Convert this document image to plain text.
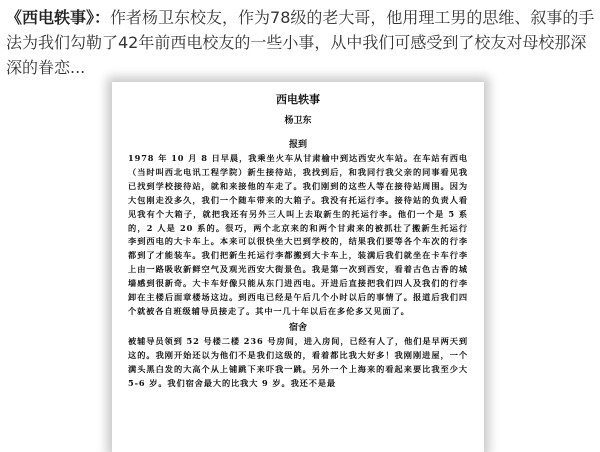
《西电轶事》：作者杨卫东校友，作为78级的老大哥，他用理工男的思维、叙事的手法为我们勾勒了42年前西电校友的一些小事，从中我们可感受到了校友对母校那深深的眷恋...
西电轶事
杨卫东
报到
1978 年 10 月 8 日早晨，我乘坐火车从甘肃榆中到达西安火车站。在车站有西电（当时叫西北电讯工程学院）新生接待站，我找到后，和我同行我父亲的同事看见我已找到学校接待站，就和来接他的车走了。我们刚到的这些人等在接待站周围。因为大包刚走没多久，我们一个随车带来的大箱子。我没有托运行李。接待站的负责人看见我有个大箱子，就把我还有另外三人叫上去取新生的托运行李。他们一个是 5 系的，2 人是 20 系的。很巧，两个北京来的和两个甘肃来的被抓壮了搬新生托运行李到西电的大卡车上。本来可以很快坐大巴到学校的，结果我们要等各个车次的行李都到了才能装车。我们把新生托运行李都搬到大卡车上，装满后我们就坐在卡车行李上由一路吸收新鲜空气及观光西安大街景色。我是第一次到西安，看着古色古香的城墙感到很新奇。大卡车好像只能从东门进西电。开进后直接把我们四人及我们的行李卸在主楼后面章楼场这边。到西电已经是午后几个小时以后的事情了。报道后我们四个就被各自班级辅导员接走了。其中一几十年以后在多伦多又见面了。
宿舍
被辅导员领到 52 号楼二楼 236 号房间，进入房间，已经有人了，他们是早两天到这的。我刚开始还以为他们不是我们这级的，看着都比我大好多！我刚刚进屋，一个满头黑白发的大高个从上铺跳下来吓我一跳。另外一个上海来的看起来要比我至少大 5-6 岁。我们宿舍最大的比我大 9 岁。我还不是最
